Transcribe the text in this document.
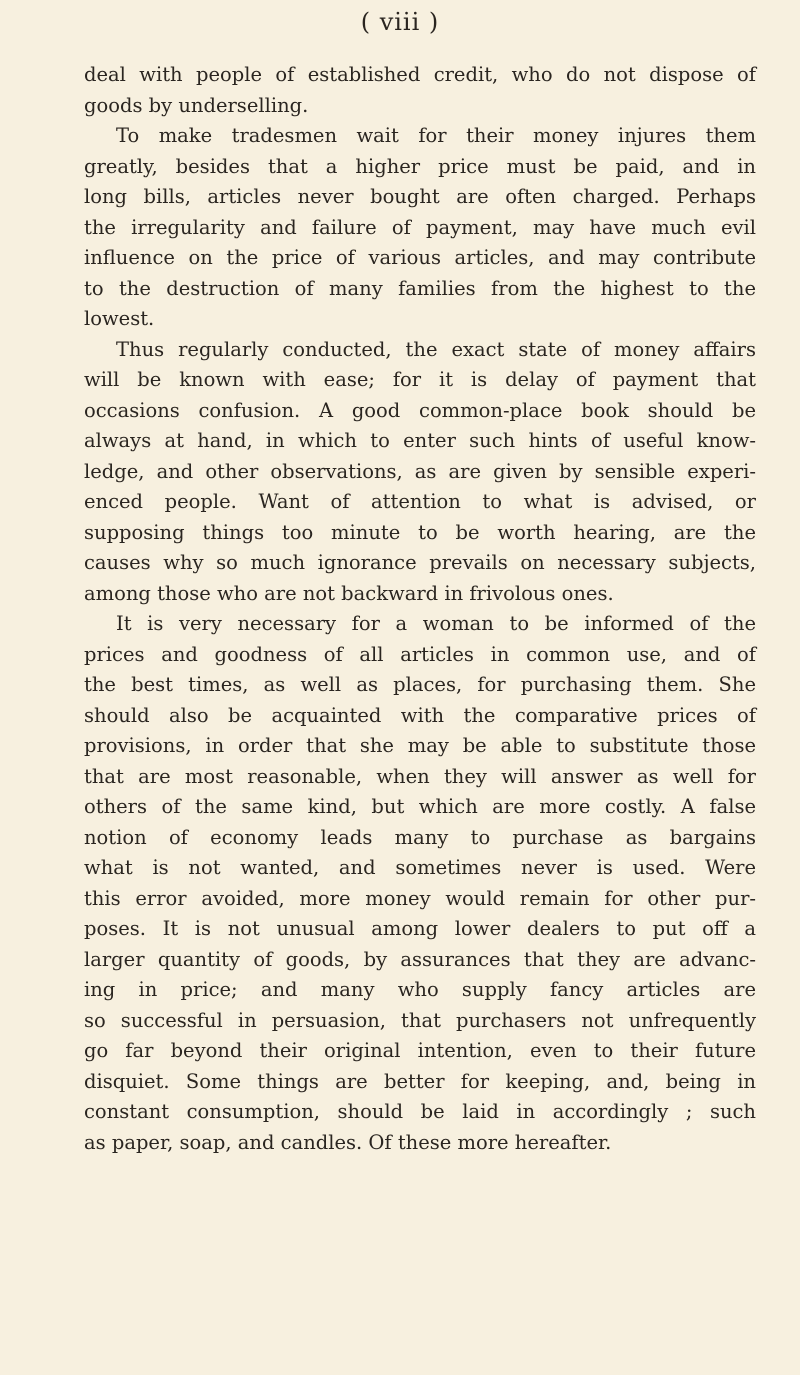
( viii )
deal with people of established credit, who do not dispose of
goods by underselling.
To make tradesmen wait for their money injures them
greatly, besides that a higher price must be paid, and in
long bills, articles never bought are often charged. Perhaps
the irregularity and failure of payment, may have much evil
influence on the price of various articles, and may contribute
to the destruction of many families from the highest to the
lowest.
Thus regularly conducted, the exact state of money affairs
will be known with ease; for it is delay of payment that
occasions confusion. A good common-place book should be
always at hand, in which to enter such hints of useful know-
ledge, and other observations, as are given by sensible experi-
enced people. Want of attention to what is advised, or
supposing things too minute to be worth hearing, are the
causes why so much ignorance prevails on necessary subjects,
among those who are not backward in frivolous ones.
It is very necessary for a woman to be informed of the
prices and goodness of all articles in common use, and of
the best times, as well as places, for purchasing them. She
should also be acquainted with the comparative prices of
provisions, in order that she may be able to substitute those
that are most reasonable, when they will answer as well for
others of the same kind, but which are more costly. A false
notion of economy leads many to purchase as bargains
what is not wanted, and sometimes never is used. Were
this error avoided, more money would remain for other pur-
poses. It is not unusual among lower dealers to put off a
larger quantity of goods, by assurances that they are advanc-
ing in price; and many who supply fancy articles are
so successful in persuasion, that purchasers not unfrequently
go far beyond their original intention, even to their future
disquiet. Some things are better for keeping, and, being in
constant consumption, should be laid in accordingly ; such
as paper, soap, and candles. Of these more hereafter.
